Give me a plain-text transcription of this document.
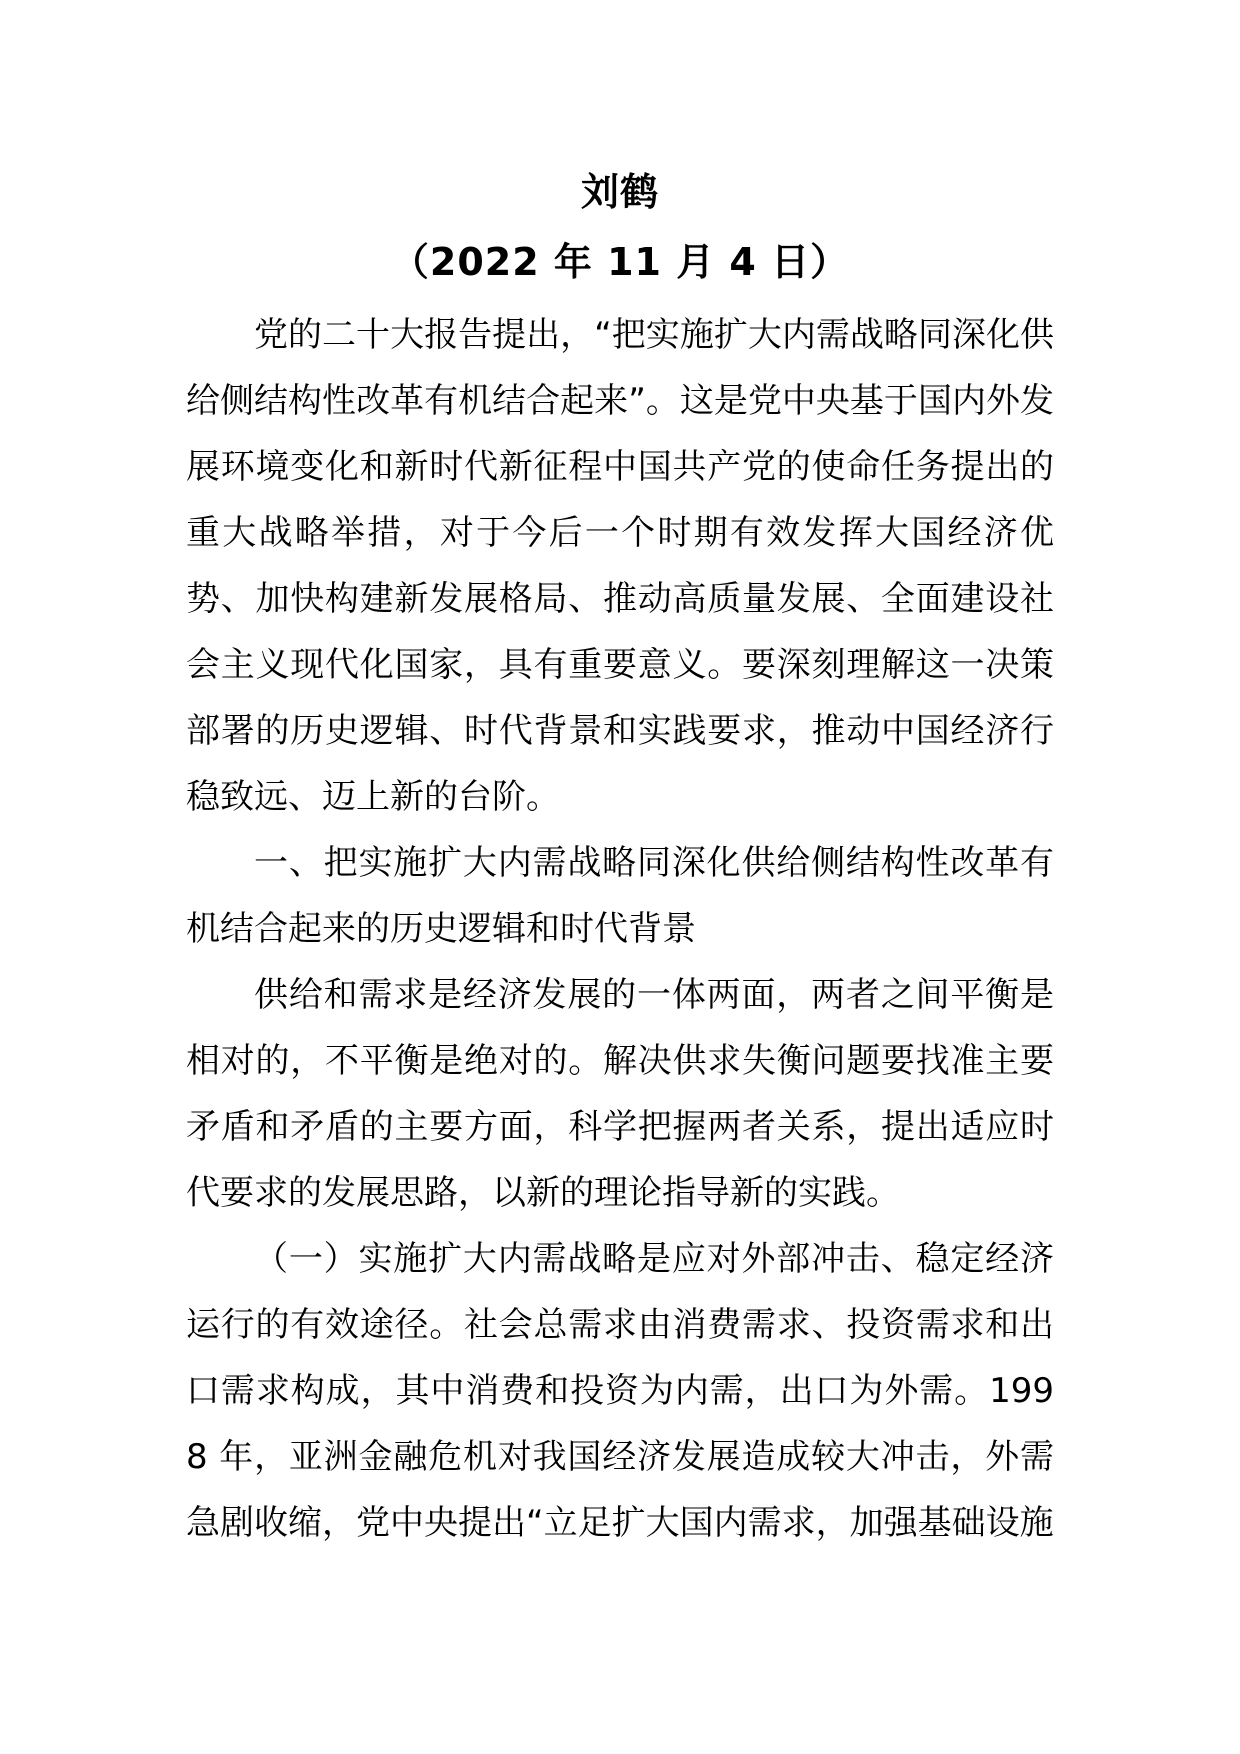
刘鹤
（2022 年 11 月 4 日）

党的二十大报告提出，“把实施扩大内需战略同深化供给侧结构性改革有机结合起来”。这是党中央基于国内外发展环境变化和新时代新征程中国共产党的使命任务提出的重大战略举措，对于今后一个时期有效发挥大国经济优势、加快构建新发展格局、推动高质量发展、全面建设社会主义现代化国家，具有重要意义。要深刻理解这一决策部署的历史逻辑、时代背景和实践要求，推动中国经济行稳致远、迈上新的台阶。

一、把实施扩大内需战略同深化供给侧结构性改革有机结合起来的历史逻辑和时代背景

供给和需求是经济发展的一体两面，两者之间平衡是相对的，不平衡是绝对的。解决供求失衡问题要找准主要矛盾和矛盾的主要方面，科学把握两者关系，提出适应时代要求的发展思路，以新的理论指导新的实践。

（一）实施扩大内需战略是应对外部冲击、稳定经济运行的有效途径。社会总需求由消费需求、投资需求和出口需求构成，其中消费和投资为内需，出口为外需。1998 年，亚洲金融危机对我国经济发展造成较大冲击，外需急剧收缩，党中央提出“立足扩大国内需求，加强基础设施
